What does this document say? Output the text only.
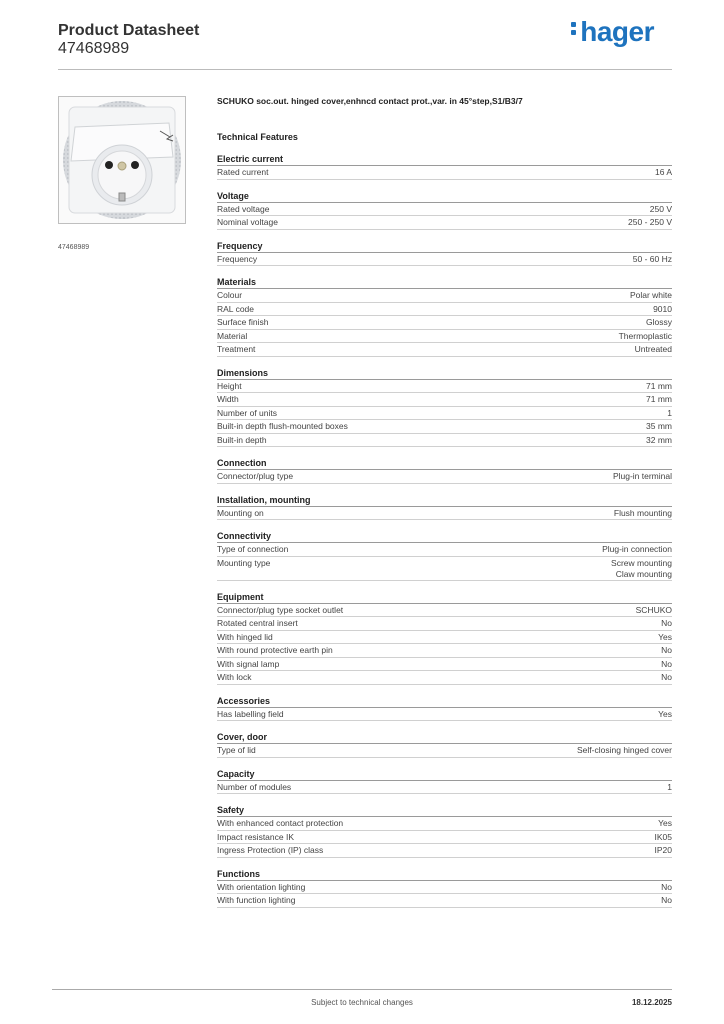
Product Datasheet
47468989
hager
47468989
SCHUKO soc.out. hinged cover,enhncd contact prot.,var. in 45°step,S1/B3/7
Technical Features
Electric current
Rated current	16 A
Voltage
Rated voltage	250 V
Nominal voltage	250 - 250 V
Frequency
Frequency	50 - 60 Hz
Materials
Colour	Polar white
RAL code	9010
Surface finish	Glossy
Material	Thermoplastic
Treatment	Untreated
Dimensions
Height	71 mm
Width	71 mm
Number of units	1
Built-in depth flush-mounted boxes	35 mm
Built-in depth	32 mm
Connection
Connector/plug type	Plug-in terminal
Installation, mounting
Mounting on	Flush mounting
Connectivity
Type of connection	Plug-in connection
Mounting type	Screw mounting
Claw mounting
Equipment
Connector/plug type socket outlet	SCHUKO
Rotated central insert	No
With hinged lid	Yes
With round protective earth pin	No
With signal lamp	No
With lock	No
Accessories
Has labelling field	Yes
Cover, door
Type of lid	Self-closing hinged cover
Capacity
Number of modules	1
Safety
With enhanced contact protection	Yes
Impact resistance IK	IK05
Ingress Protection (IP) class	IP20
Functions
With orientation lighting	No
With function lighting	No
Subject to technical changes	18.12.2025
